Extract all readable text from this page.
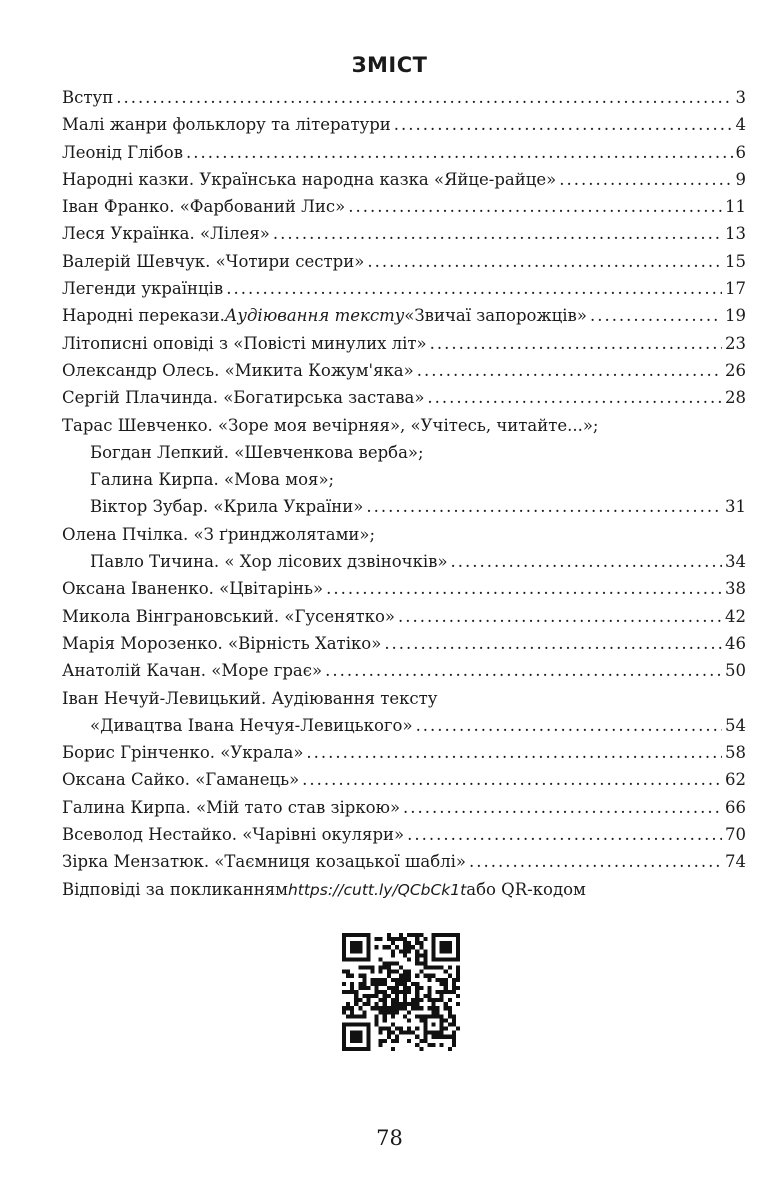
ЗМІСТ
Вступ .....	3
Малі жанри фольклору та літератури .....	4
Леонід Глібов .....	6
Народні казки. Українська народна казка «Яйце-райце» .....	9
Іван Франко. «Фарбований Лис» .....	11
Леся Українка. «Лілея» .....	13
Валерій Шевчук. «Чотири сестри» .....	15
Легенди українців .....	17
Народні перекази. Аудіювання тексту «Звичаї запорожців» .....	19
Літописні оповіді з «Повісті минулих літ» .....	23
Олександр Олесь. «Микита Кожум'яка» .....	26
Сергій Плачинда. «Богатирська застава» .....	28
Тарас Шевченко. «Зоре моя вечірняя», «Учітесь, читайте...»;
Богдан Лепкий. «Шевченкова верба»;
Галина Кирпа. «Мова моя»;
Віктор Зубар. «Крила України» .....	31
Олена Пчілка. «З ґринджолятами»;
Павло Тичина. « Хор лісових дзвіночків» .....	34
Оксана Іваненко. «Цвітарінь» .....	38
Микола Вінграновський. «Гусенятко» .....	42
Марія Морозенко. «Вірність Хатіко» .....	46
Анатолій Качан. «Море грає» .....	50
Іван Нечуй-Левицький. Аудіювання тексту
«Дивацтва Івана Нечуя-Левицького» .....	54
Борис Грінченко. «Украла» .....	58
Оксана Сайко. «Гаманець» .....	62
Галина Кирпа. «Мій тато став зіркою» .....	66
Всеволод Нестайко. «Чарівні окуляри» .....	70
Зірка Мензатюк. «Таємниця козацької шаблі» .....	74
Відповіді за покликанням https://cutt.ly/QCbCk1t або QR-кодом
78
